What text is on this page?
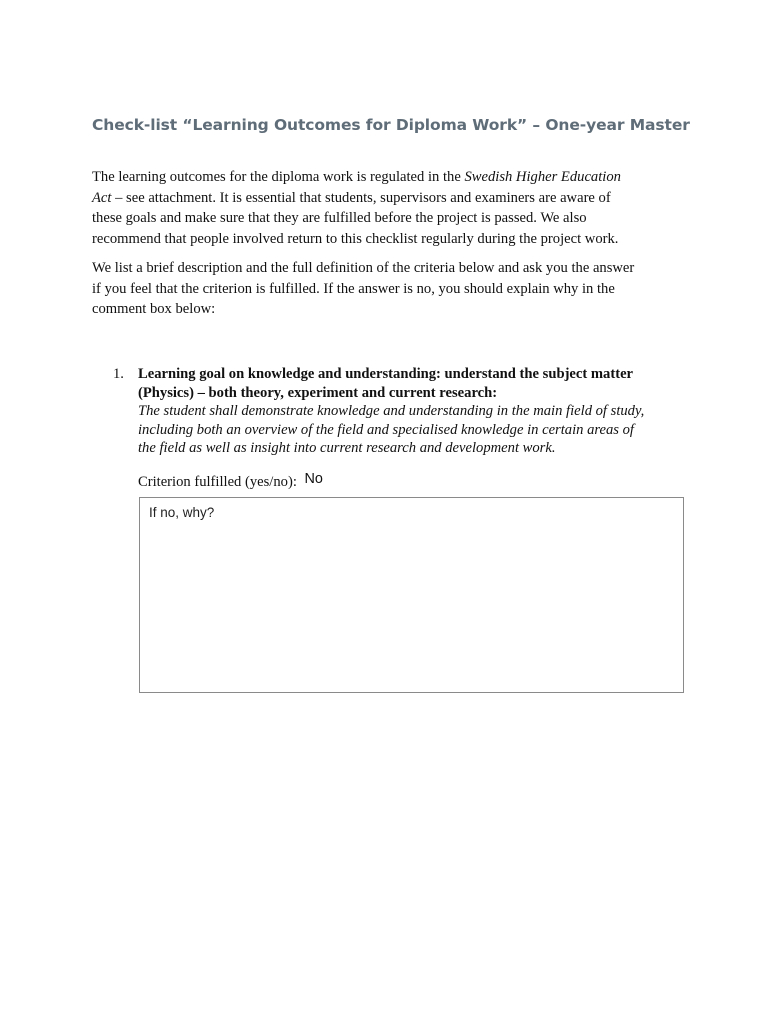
Check-list “Learning Outcomes for Diploma Work” – One-year Master

The learning outcomes for the diploma work is regulated in the Swedish Higher Education
Act – see attachment. It is essential that students, supervisors and examiners are aware of
these goals and make sure that they are fulfilled before the project is passed. We also
recommend that people involved return to this checklist regularly during the project work.

We list a brief description and the full definition of the criteria below and ask you the answer
if you feel that the criterion is fulfilled. If the answer is no, you should explain why in the
comment box below:

1. Learning goal on knowledge and understanding: understand the subject matter
(Physics) – both theory, experiment and current research:
The student shall demonstrate knowledge and understanding in the main field of study,
including both an overview of the field and specialised knowledge in certain areas of
the field as well as insight into current research and development work.
Criterion fulfilled (yes/no): No
If no, why?
